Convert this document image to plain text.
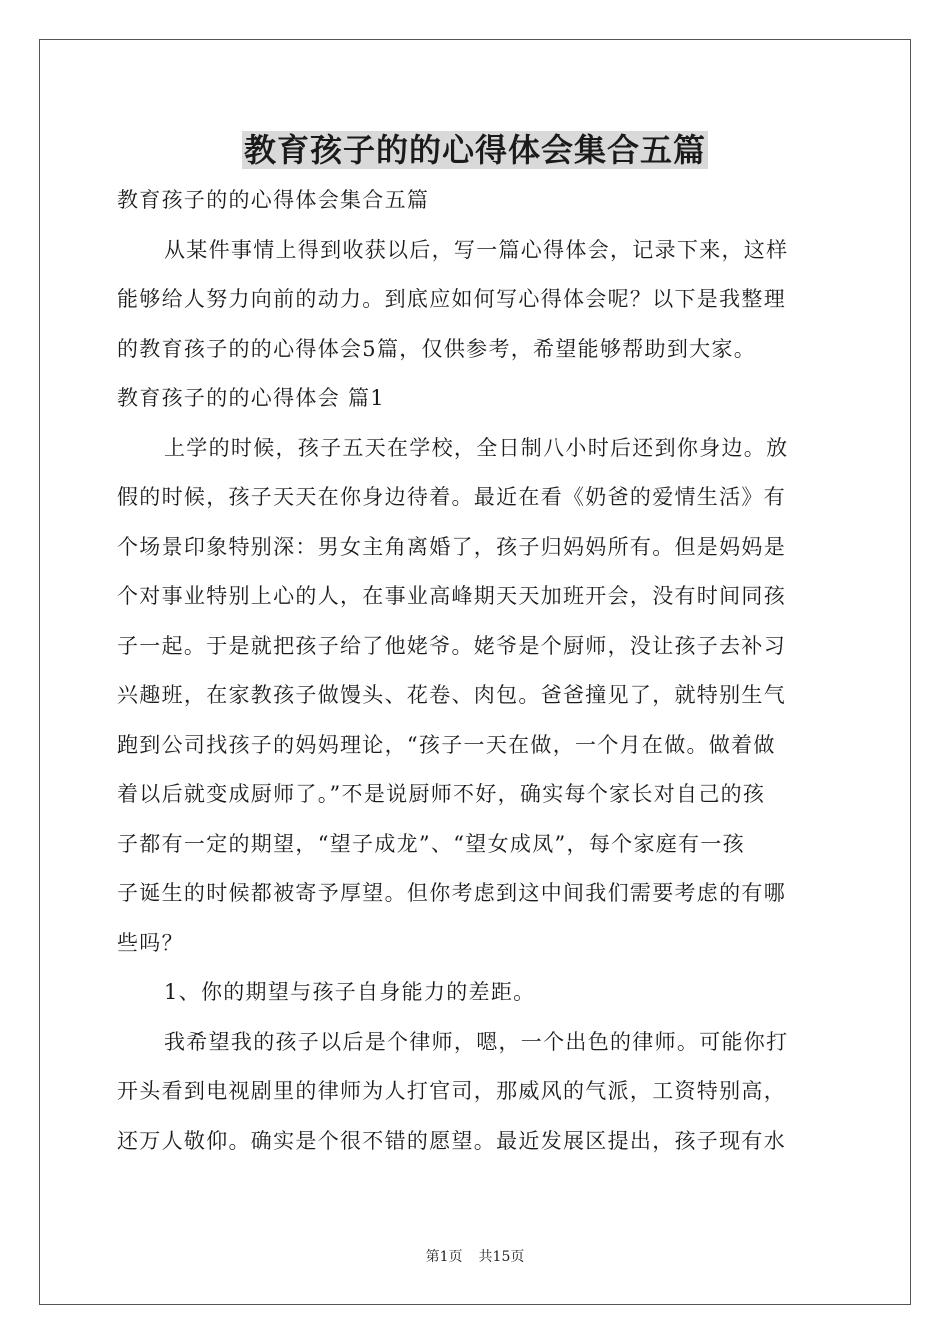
教育孩子的的心得体会集合五篇

教育孩子的的心得体会集合五篇

从某件事情上得到收获以后，写一篇心得体会，记录下来，这样

能够给人努力向前的动力。到底应如何写心得体会呢？以下是我整理

的教育孩子的的心得体会5篇，仅供参考，希望能够帮助到大家。

教育孩子的的心得体会 篇1

上学的时候，孩子五天在学校，全日制八小时后还到你身边。放

假的时候，孩子天天在你身边待着。最近在看《奶爸的爱情生活》有

个场景印象特别深：男女主角离婚了，孩子归妈妈所有。但是妈妈是

个对事业特别上心的人，在事业高峰期天天加班开会，没有时间同孩

子一起。于是就把孩子给了他姥爷。姥爷是个厨师，没让孩子去补习

兴趣班，在家教孩子做馒头、花卷、肉包。爸爸撞见了，就特别生气

跑到公司找孩子的妈妈理论，“孩子一天在做，一个月在做。做着做

着以后就变成厨师了。”不是说厨师不好，确实每个家长对自己的孩

子都有一定的期望，“望子成龙”、“望女成凤”，每个家庭有一孩

子诞生的时候都被寄予厚望。但你考虑到这中间我们需要考虑的有哪

些吗？

1、你的期望与孩子自身能力的差距。

我希望我的孩子以后是个律师，嗯，一个出色的律师。可能你打

开头看到电视剧里的律师为人打官司，那威风的气派，工资特别高，

还万人敬仰。确实是个很不错的愿望。最近发展区提出，孩子现有水

第1页 共15页
